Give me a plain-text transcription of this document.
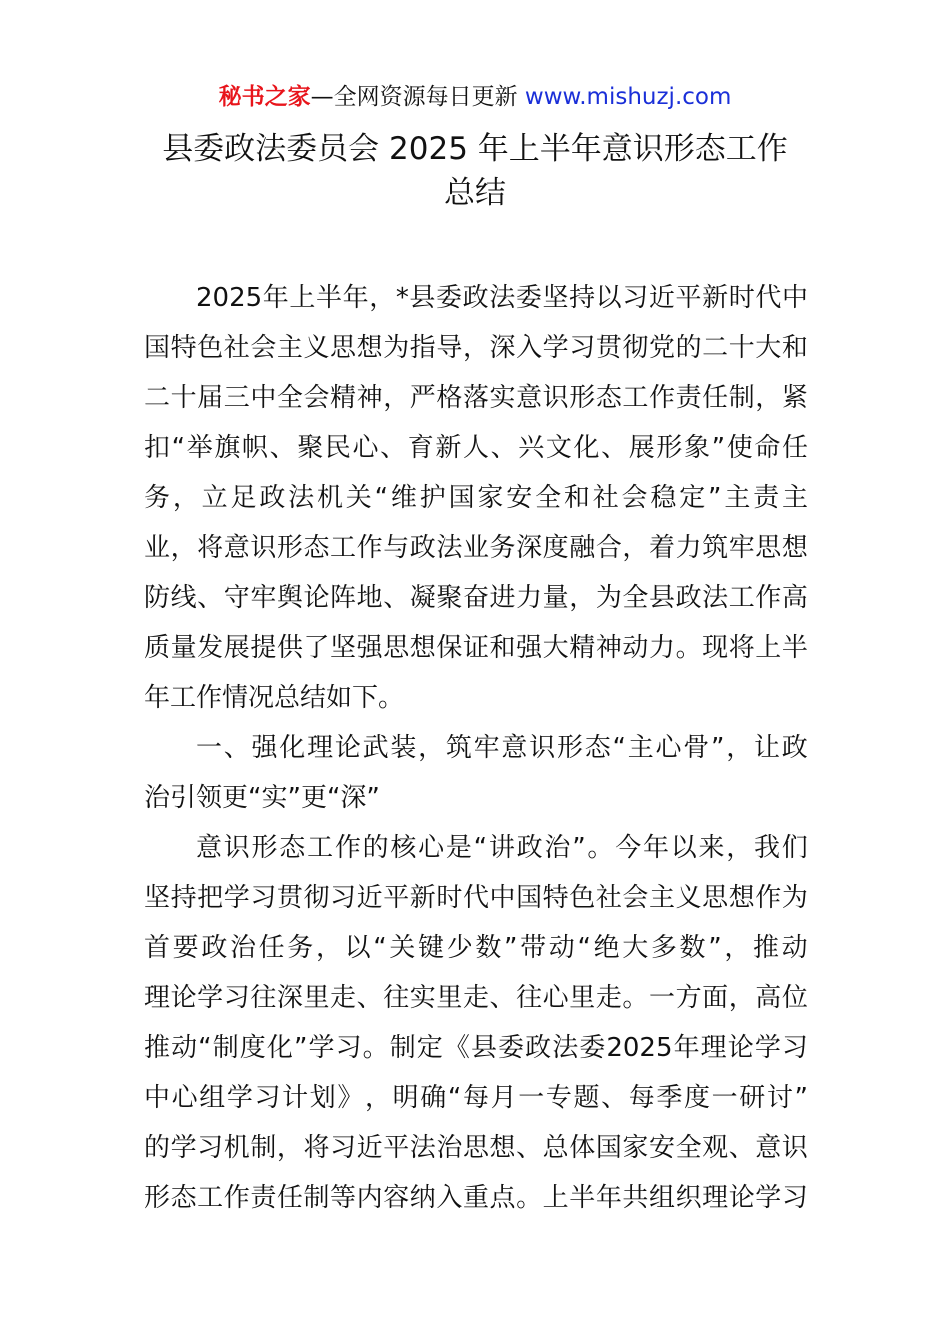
秘书之家—全网资源每日更新 www.mishuzj.com
县委政法委员会 2025 年上半年意识形态工作
总结
2025 年 上 半 年 ， * 县 委 政 法 委 坚 持 以 习 近 平 新 时 代 中
国 特 色 社 会 主 义 思 想 为 指 导 ， 深 入 学 习 贯 彻 党 的 二 十 大 和
二 十 届 三 中 全 会 精 神 ， 严 格 落 实 意 识 形 态 工 作 责 任 制 ， 紧
扣 “ 举 旗 帜 、 聚 民 心 、 育 新 人 、 兴 文 化 、 展 形 象 ” 使 命 任
务 ， 立 足 政 法 机 关 “ 维 护 国 家 安 全 和 社 会 稳 定 ” 主 责 主
业 ， 将 意 识 形 态 工 作 与 政 法 业 务 深 度 融 合 ， 着 力 筑 牢 思 想
防 线 、 守 牢 舆 论 阵 地 、 凝 聚 奋 进 力 量 ， 为 全 县 政 法 工 作 高
质 量 发 展 提 供 了 坚 强 思 想 保 证 和 强 大 精 神 动 力 。 现 将 上 半
年工作情况总结如下。
一 、 强 化 理 论 武 装 ， 筑 牢 意 识 形 态 “ 主 心 骨 ” ， 让 政
治引领更“实”更“深”
意 识 形 态 工 作 的 核 心 是 “ 讲 政 治 ” 。 今 年 以 来 ， 我 们
坚 持 把 学 习 贯 彻 习 近 平 新 时 代 中 国 特 色 社 会 主 义 思 想 作 为
首 要 政 治 任 务 ， 以 “ 关 键 少 数 ” 带 动 “ 绝 大 多 数 ” ， 推 动
理 论 学 习 往 深 里 走 、 往 实 里 走 、 往 心 里 走 。 一 方 面 ， 高 位
推 动 “ 制 度 化 ” 学 习 。 制 定 《 县 委 政 法 委 2025 年 理 论 学 习
中 心 组 学 习 计 划 》 ， 明 确 “ 每 月 一 专 题 、 每 季 度 一 研 讨 ”
的 学 习 机 制 ， 将 习 近 平 法 治 思 想 、 总 体 国 家 安 全 观 、 意 识
形 态 工 作 责 任 制 等 内 容 纳 入 重 点 。 上 半 年 共 组 织 理 论 学 习
